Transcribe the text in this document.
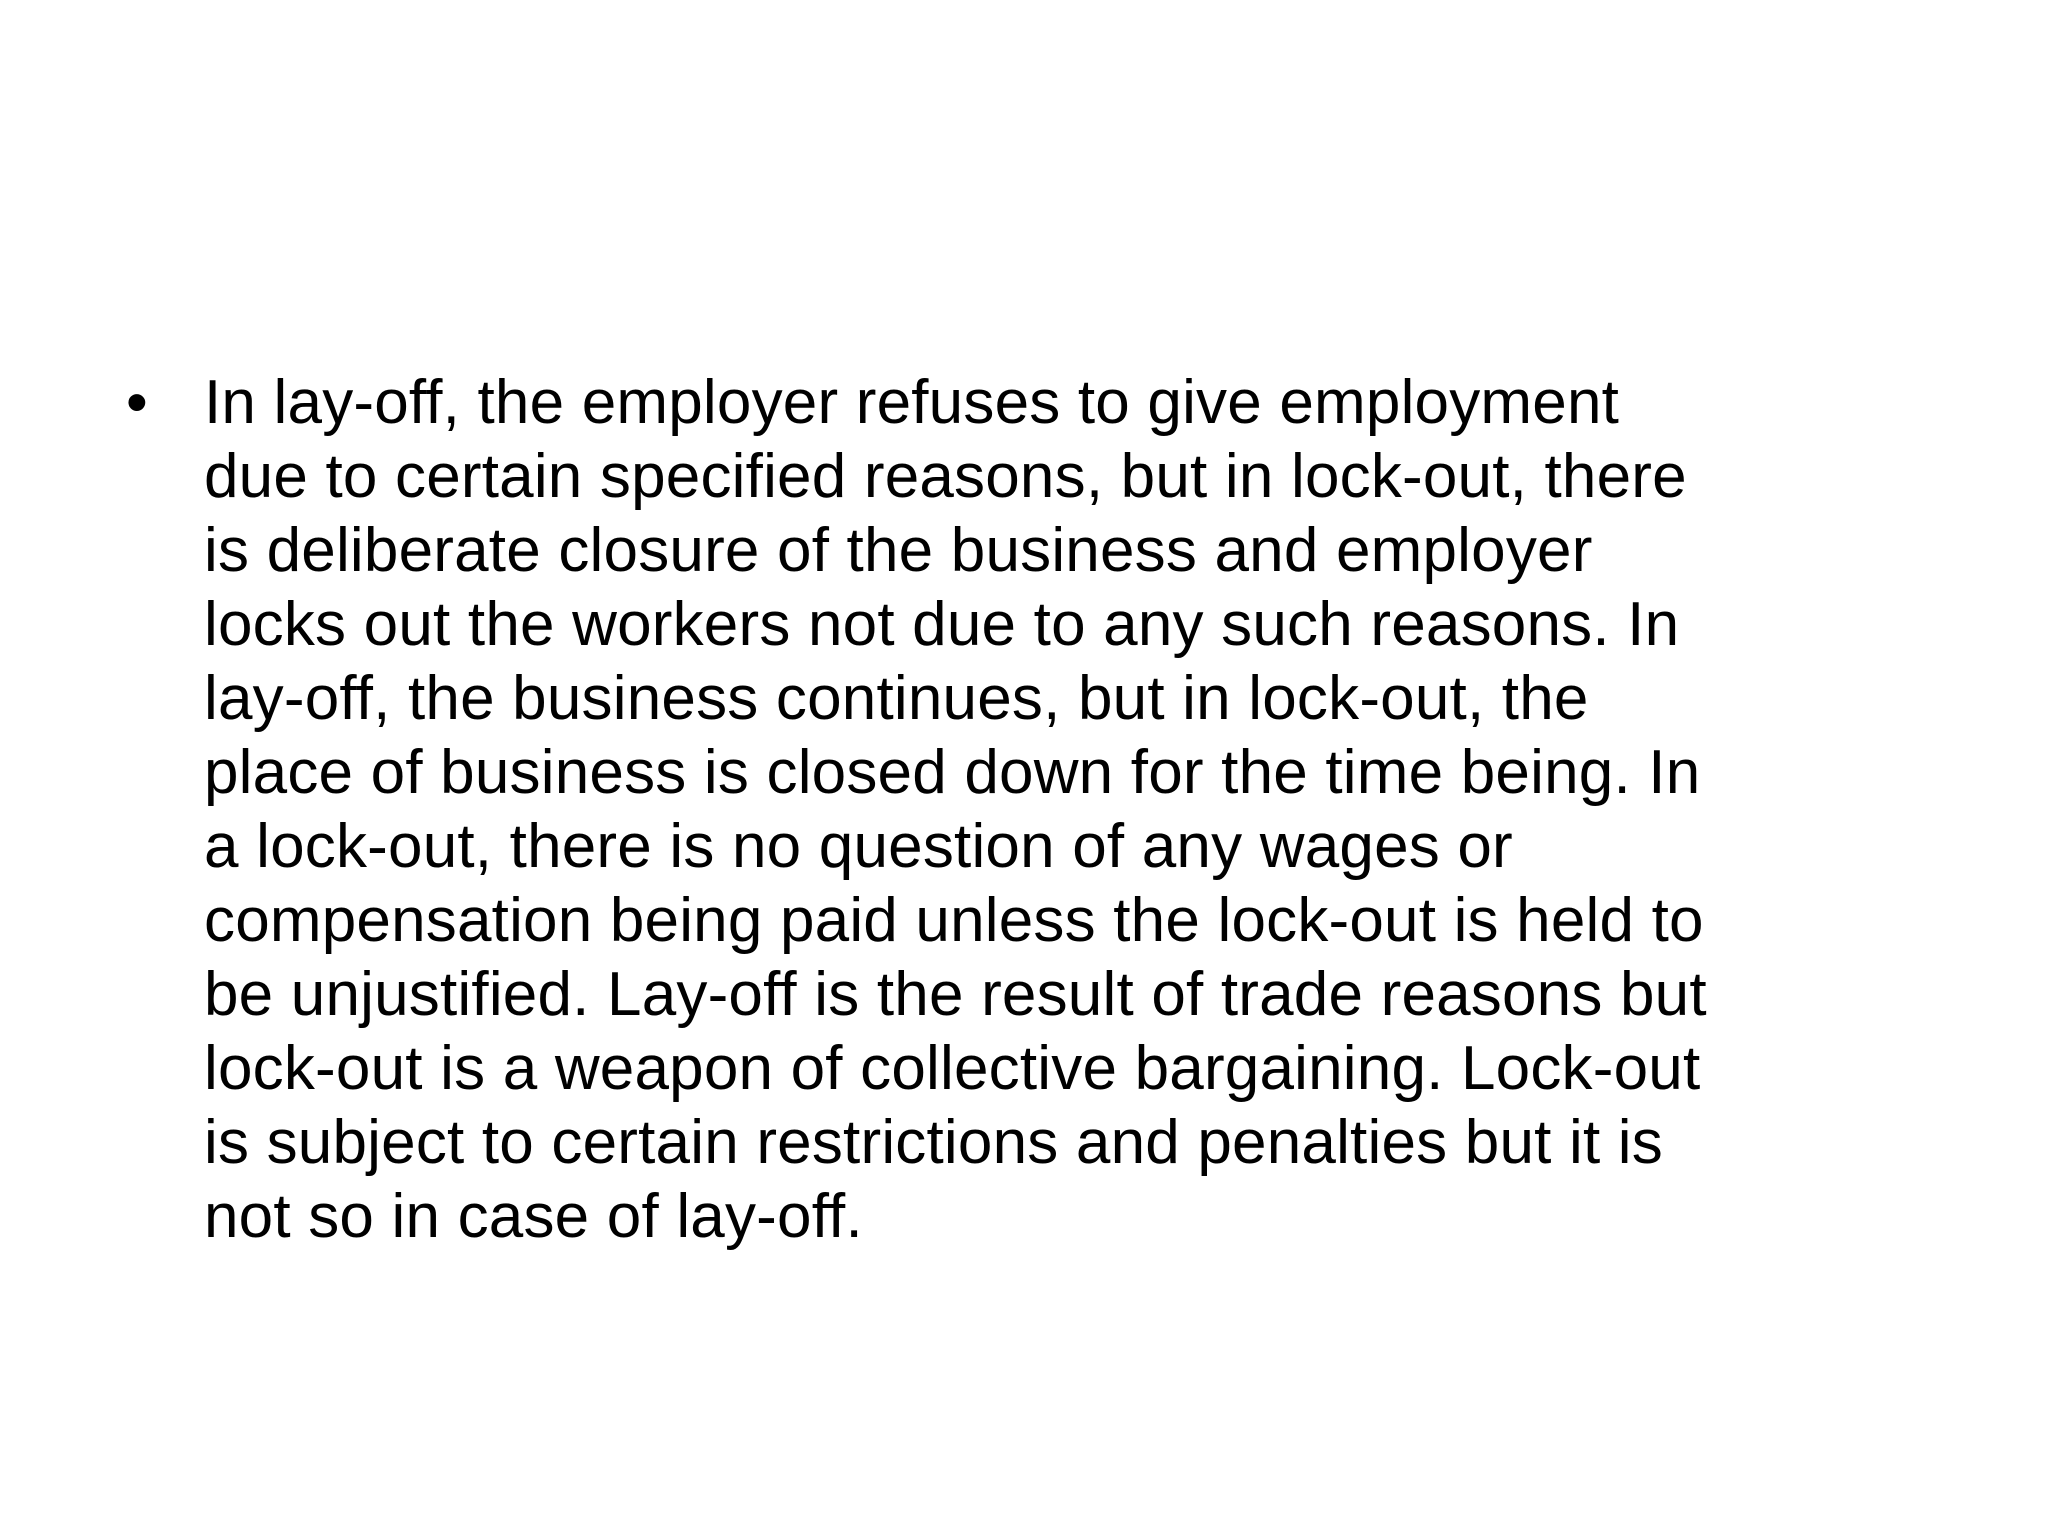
• In lay-off, the employer refuses to give employment
due to certain specified reasons, but in lock-out, there
is deliberate closure of the business and employer
locks out the workers not due to any such reasons. In
lay-off, the business continues, but in lock-out, the
place of business is closed down for the time being. In
a lock-out, there is no question of any wages or
compensation being paid unless the lock-out is held to
be unjustified. Lay-off is the result of trade reasons but
lock-out is a weapon of collective bargaining. Lock-out
is subject to certain restrictions and penalties but it is
not so in case of lay-off.
